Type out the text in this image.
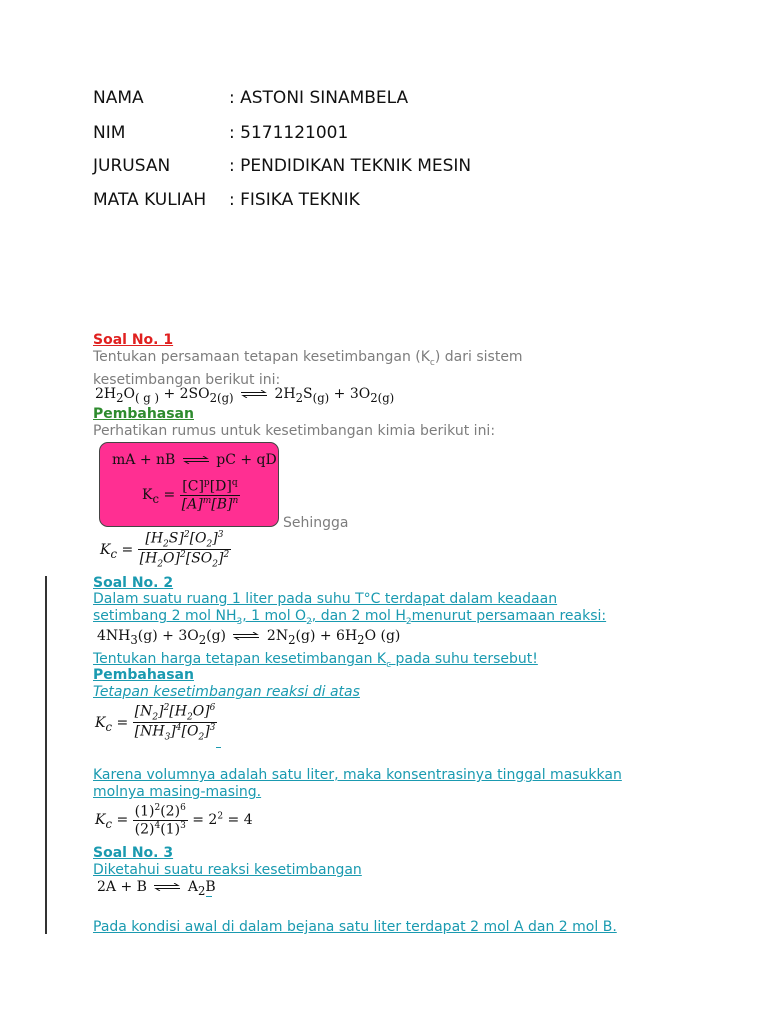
NAMA	: ASTONI SINAMBELA
NIM	: 5171121001
JURUSAN	: PENDIDIKAN TEKNIK MESIN
MATA KULIAH : FISIKA TEKNIK
Soal No. 1
Tentukan persamaan tetapan kesetimbangan $(K_c)$ dari sistem
kesetimbangan berikut ini:
$2H_2O_{( g )} + 2SO_{2(g)}$ ⇌ $2H_2S_{(g)} + 3O_{2(g)}$
Pembahasan
Perhatikan rumus untuk kesetimbangan kimia berikut ini:
mA + nB ⇌ pC + qD
$K_c = \frac{[C]^p[D]^q}{[A]^m[B]^n}$
Sehingga
$K_c = \frac{[H_2S]^2[O_2]^3}{[H_2O]^2[SO_2]^2}$
Soal No. 2
Dalam suatu ruang 1 liter pada suhu T°C terdapat dalam keadaan
setimbang 2 mol $NH_3$, 1 mol $O_2$, dan 2 mol $H_2menurut$ persamaan reaksi:
$4NH_3(g) + 3O_2(g)$ ⇌ $2N_2(g) + 6H_2O$ (g)
Tentukan harga tetapan kesetimbangan $K_c$ pada suhu tersebut!
Pembahasan
Tetapan kesetimbangan reaksi di atas
$K_c = \frac{[N_2]^2[H_2O]^6}{[NH_3]^4[O_2]^3}$
Karena volumnya adalah satu liter, maka konsentrasinya tinggal masukkan
molnya masing-masing.
$K_c = \frac{(1)^2(2)^6}{(2)^4(1)^3} = 2^2 = 4$
Soal No. 3
Diketahui suatu reaksi kesetimbangan
2A + B ⇌ $A_2B$
Pada kondisi awal di dalam bejana satu liter terdapat 2 mol A dan 2 mol B.
